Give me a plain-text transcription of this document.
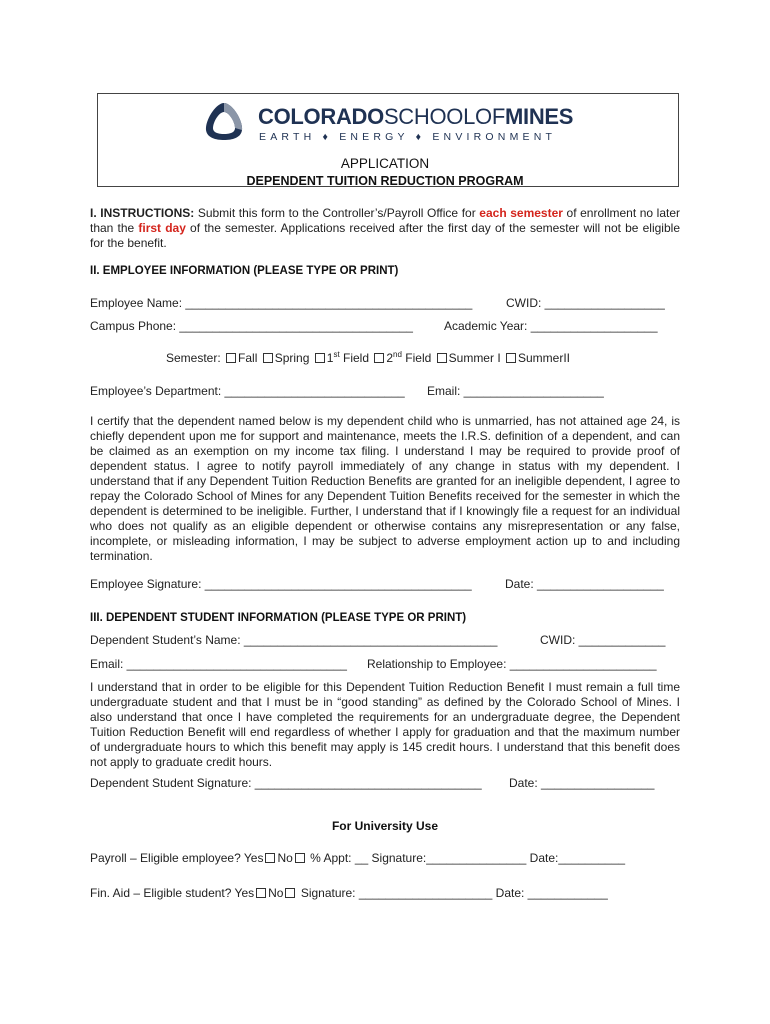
COLORADOSCHOOLOFMINES
EARTH ♦ ENERGY ♦ ENVIRONMENT
APPLICATION
DEPENDENT TUITION REDUCTION PROGRAM
I. INSTRUCTIONS: Submit this form to the Controller’s/Payroll Office for each semester of enrollment no later than the first day of the semester. Applications received after the first day of the semester will not be eligible for the benefit.
II. EMPLOYEE INFORMATION (PLEASE TYPE OR PRINT)
Employee Name: ___________________________________________	CWID: __________________
Campus Phone: ___________________________________	Academic Year: ___________________
Semester: Fall Spring 1st Field 2nd Field Summer I SummerII
Employee’s Department: ___________________________ Email: _____________________
I certify that the dependent named below is my dependent child who is unmarried, has not attained age 24, is chiefly dependent upon me for support and maintenance, meets the I.R.S. definition of a dependent, and can be claimed as an exemption on my income tax filing. I understand I may be required to provide proof of dependent status. I agree to notify payroll immediately of any change in status with my dependent. I understand that if any Dependent Tuition Reduction Benefits are granted for an ineligible dependent, I agree to repay the Colorado School of Mines for any Dependent Tuition Benefits received for the semester in which the dependent is determined to be ineligible. Further, I understand that if I knowingly file a request for an individual who does not qualify as an eligible dependent or otherwise contains any misrepresentation or any false, incomplete, or misleading information, I may be subject to adverse employment action up to and including termination.
Employee Signature: ________________________________________	Date: ___________________
III. DEPENDENT STUDENT INFORMATION (PLEASE TYPE OR PRINT)
Dependent Student’s Name: ______________________________________	CWID: _____________
Email: _________________________________ Relationship to Employee: ______________________
I understand that in order to be eligible for this Dependent Tuition Reduction Benefit I must remain a full time undergraduate student and that I must be in “good standing” as defined by the Colorado School of Mines. I also understand that once I have completed the requirements for an undergraduate degree, the Dependent Tuition Reduction Benefit will end regardless of whether I apply for graduation and that the maximum number of undergraduate hours to which this benefit may apply is 145 credit hours. I understand that this benefit does not apply to graduate credit hours.
Dependent Student Signature: __________________________________ Date: _________________
For University Use
Payroll – Eligible employee? Yes No % Appt: __ Signature:_______________ Date:__________
Fin. Aid – Eligible student? Yes No Signature: ____________________ Date: ____________
